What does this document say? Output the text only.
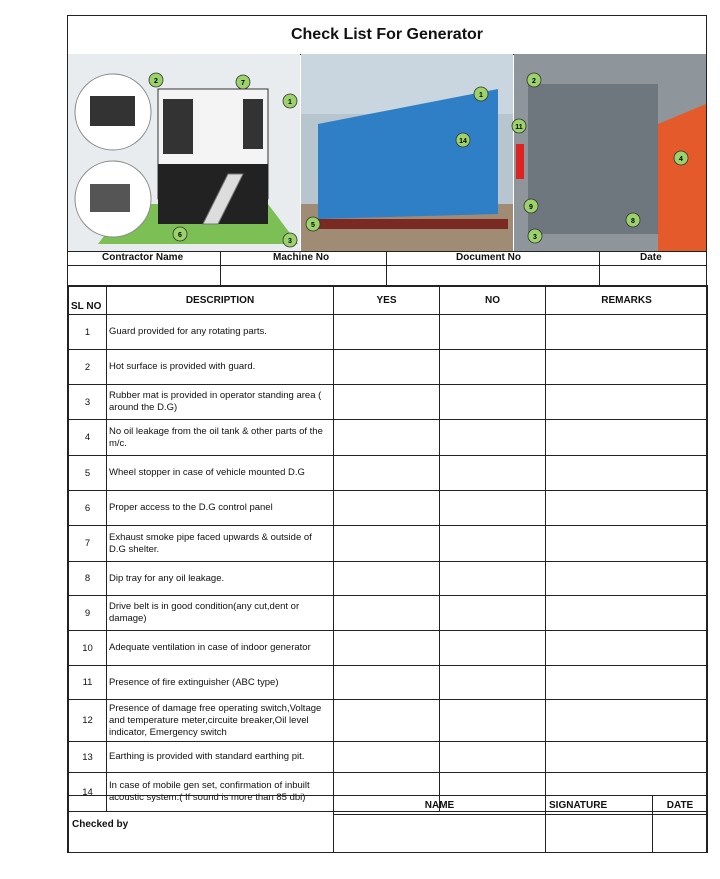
Check List For Generator
2	7
1
3
5
6
1
14
11
2
9
3
8
4
Contractor Name	Machine No	Document No	Date
SL NO	DESCRIPTION	YES	NO	REMARKS
1	Guard provided for any rotating parts.			
2	Hot surface is provided with guard.			
3	Rubber mat is provided in operator standing area ( around the D.G)			
4	No oil leakage from the oil tank & other parts of the m/c.			
5	Wheel stopper in case of vehicle mounted D.G			
6	Proper access to the D.G control panel			
7	Exhaust smoke pipe faced upwards & outside of D.G shelter.			
8	Dip tray for any oil leakage.			
9	Drive belt is in good condition(any cut,dent or damage)			
10	Adequate ventilation in case of indoor generator			
11	Presence of fire extinguisher (ABC type)			
12	Presence of damage free operating switch,Voltage and temperature meter,circuite breaker,Oil level indicator, Emergency switch			
13	Earthing is provided with standard earthing pit.			
14	In case of mobile gen set, confirmation of inbuilt acoustic system.( If sound is more than 85 dbi)			
Checked by	NAME	SIGNATURE	DATE
